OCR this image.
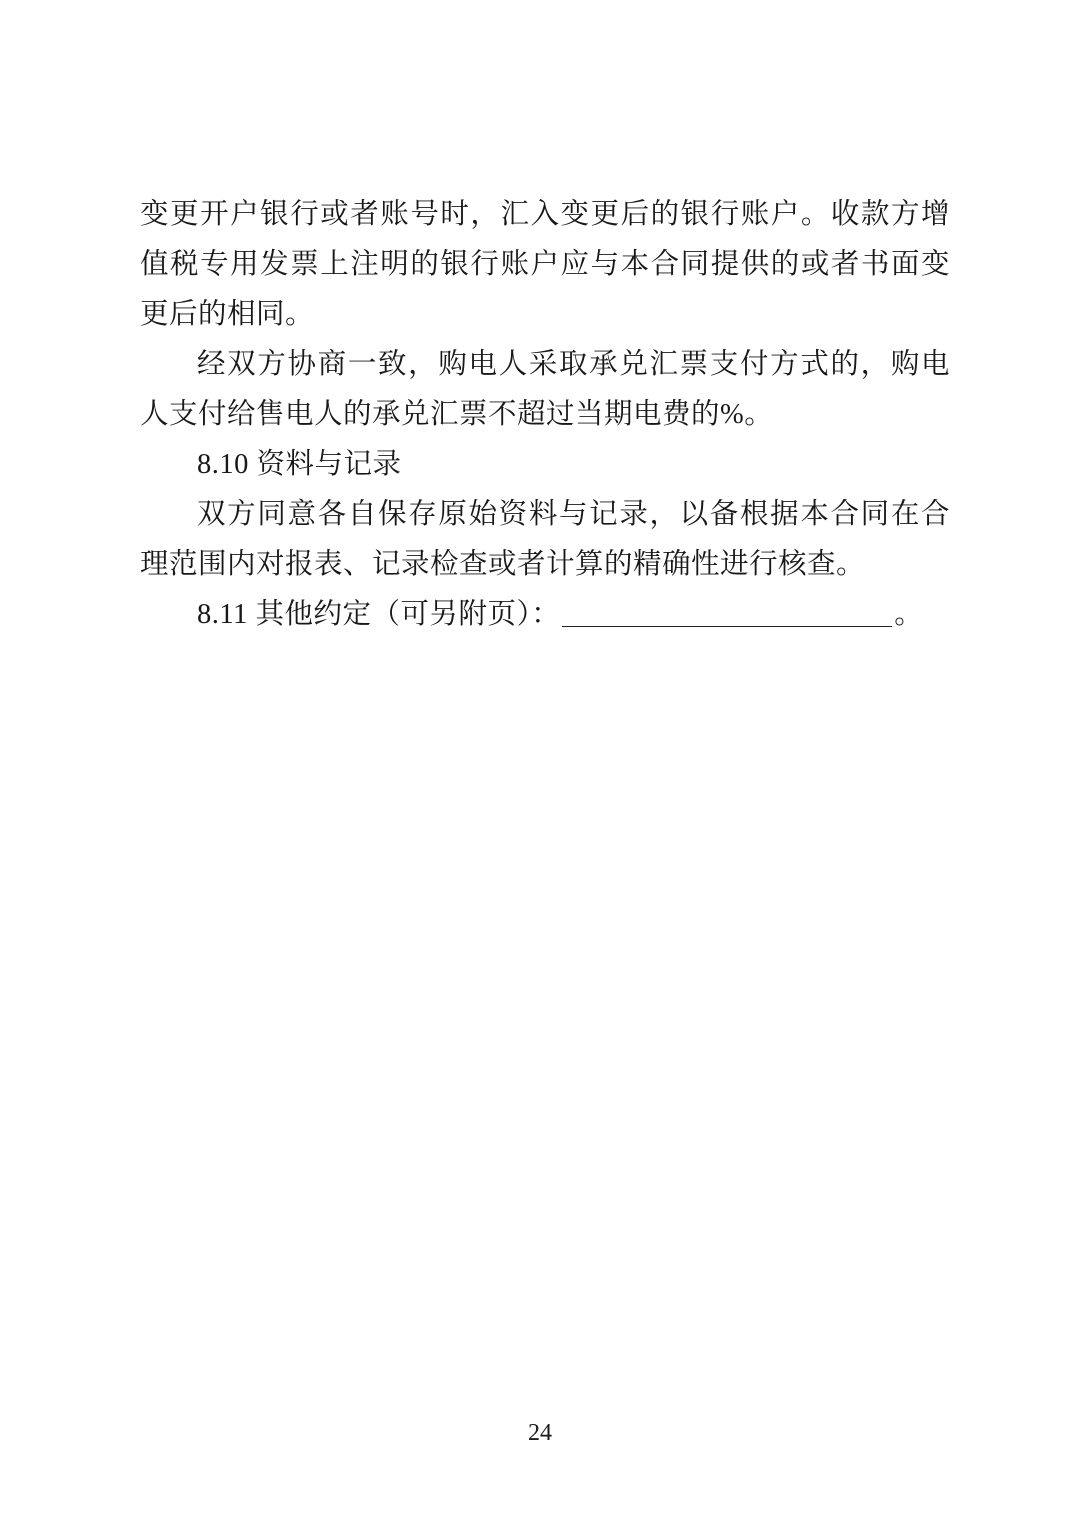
变更开户银行或者账号时，汇入变更后的银行账户。收款方增值税专用发票上注明的银行账户应与本合同提供的或者书面变更后的相同。

经双方协商一致，购电人采取承兑汇票支付方式的，购电人支付给售电人的承兑汇票不超过当期电费的%。

8.10 资料与记录

双方同意各自保存原始资料与记录，以备根据本合同在合理范围内对报表、记录检查或者计算的精确性进行核查。

8.11 其他约定（可另附页）：	。

24
